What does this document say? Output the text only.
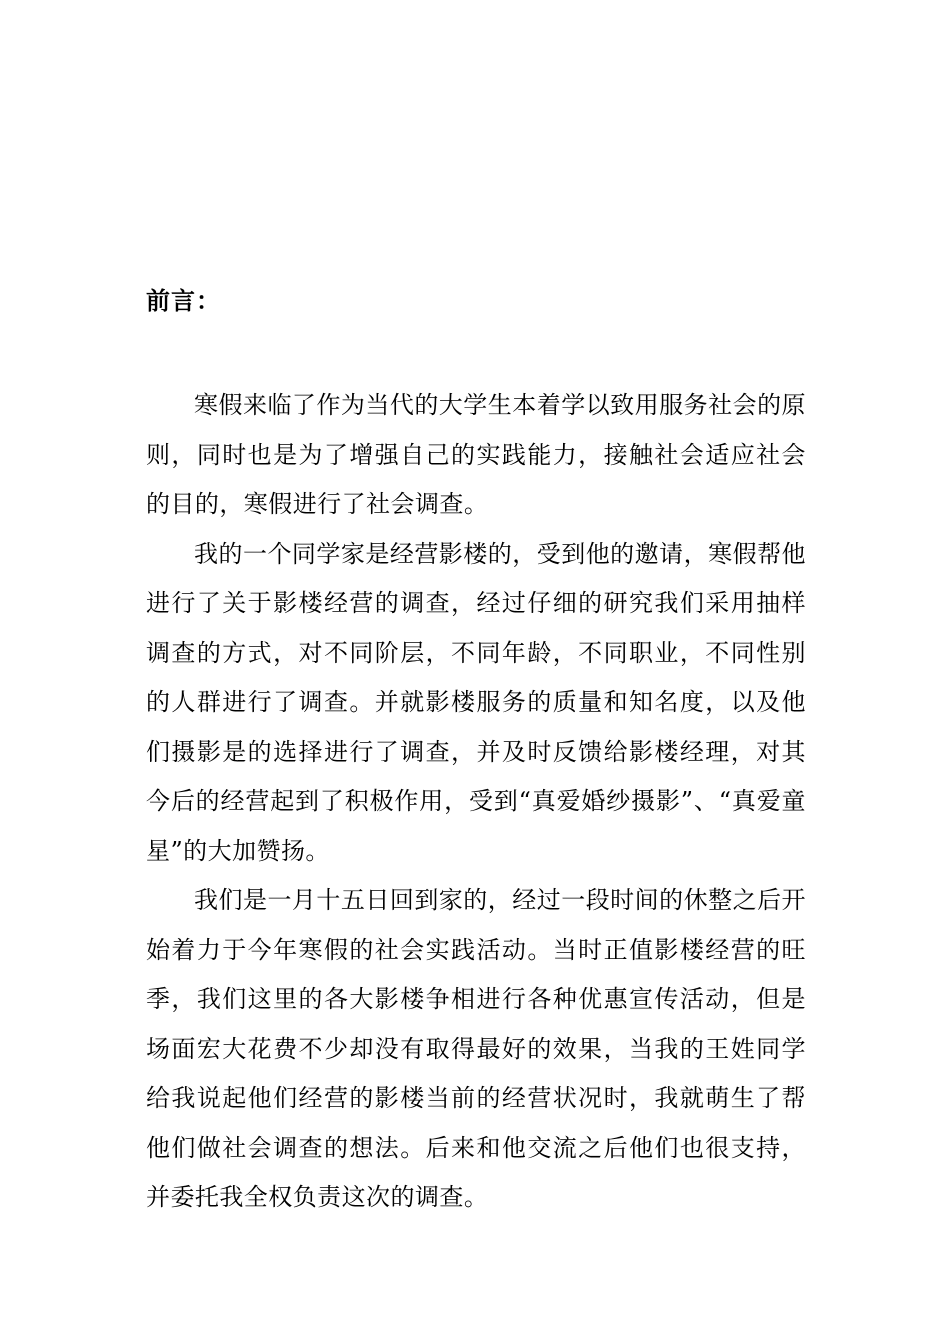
前言：

寒假来临了作为当代的大学生本着学以致用服务社会的原则，同时也是为了增强自己的实践能力，接触社会适应社会的目的，寒假进行了社会调查。

我的一个同学家是经营影楼的，受到他的邀请，寒假帮他进行了关于影楼经营的调查，经过仔细的研究我们采用抽样调查的方式，对不同阶层，不同年龄，不同职业，不同性别的人群进行了调查。并就影楼服务的质量和知名度，以及他们摄影是的选择进行了调查，并及时反馈给影楼经理，对其今后的经营起到了积极作用，受到“真爱婚纱摄影”、“真爱童星”的大加赞扬。

我们是一月十五日回到家的，经过一段时间的休整之后开始着力于今年寒假的社会实践活动。当时正值影楼经营的旺季，我们这里的各大影楼争相进行各种优惠宣传活动，但是场面宏大花费不少却没有取得最好的效果，当我的王姓同学给我说起他们经营的影楼当前的经营状况时，我就萌生了帮他们做社会调查的想法。后来和他交流之后他们也很支持，并委托我全权负责这次的调查。
